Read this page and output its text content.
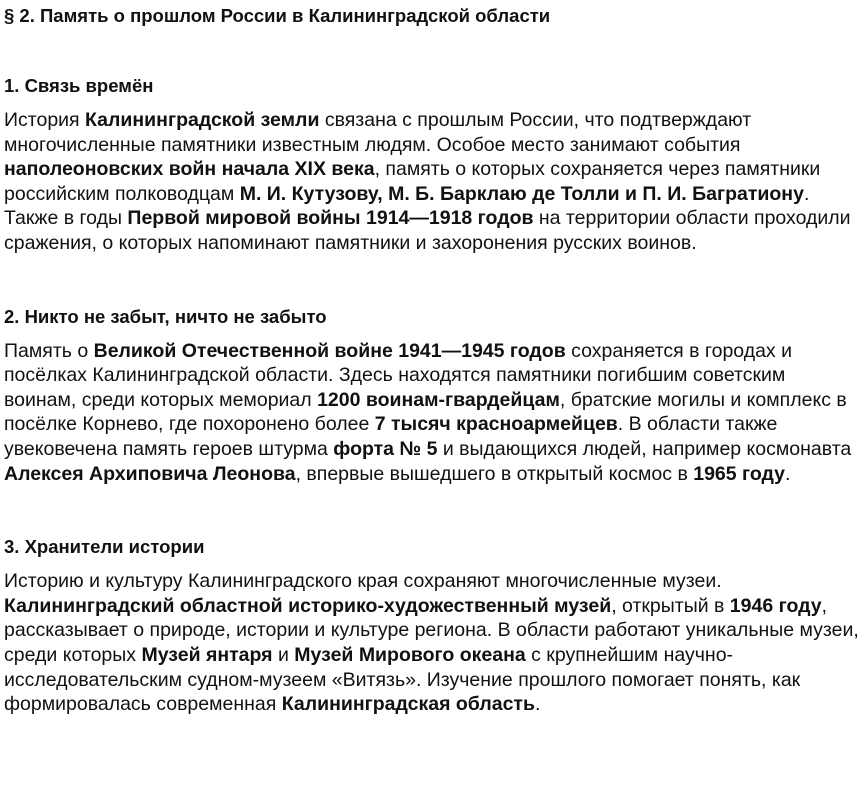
§ 2. Память о прошлом России в Калининградской области
1. Связь времён

История Калининградской земли связана с прошлым России, что подтверждают многочисленные памятники известным людям. Особое место занимают события наполеоновских войн начала XIX века, память о которых сохраняется через памятники российским полководцам М. И. Кутузову, М. Б. Барклаю де Толли и П. И. Багратиону. Также в годы Первой мировой войны 1914—1918 годов на территории области проходили сражения, о которых напоминают памятники и захоронения русских воинов.

2. Никто не забыт, ничто не забыто

Память о Великой Отечественной войне 1941—1945 годов сохраняется в городах и посёлках Калининградской области. Здесь находятся памятники погибшим советским воинам, среди которых мемориал 1200 воинам-гвардейцам, братские могилы и комплекс в посёлке Корнево, где похоронено более 7 тысяч красноармейцев. В области также увековечена память героев штурма форта № 5 и выдающихся людей, например космонавта Алексея Архиповича Леонова, впервые вышедшего в открытый космос в 1965 году.

3. Хранители истории

Историю и культуру Калининградского края сохраняют многочисленные музеи. Калининградский областной историко-художественный музей, открытый в 1946 году, рассказывает о природе, истории и культуре региона. В области работают уникальные музеи, среди которых Музей янтаря и Музей Мирового океана с крупнейшим научно-исследовательским судном-музеем «Витязь». Изучение прошлого помогает понять, как формировалась современная Калининградская область.
